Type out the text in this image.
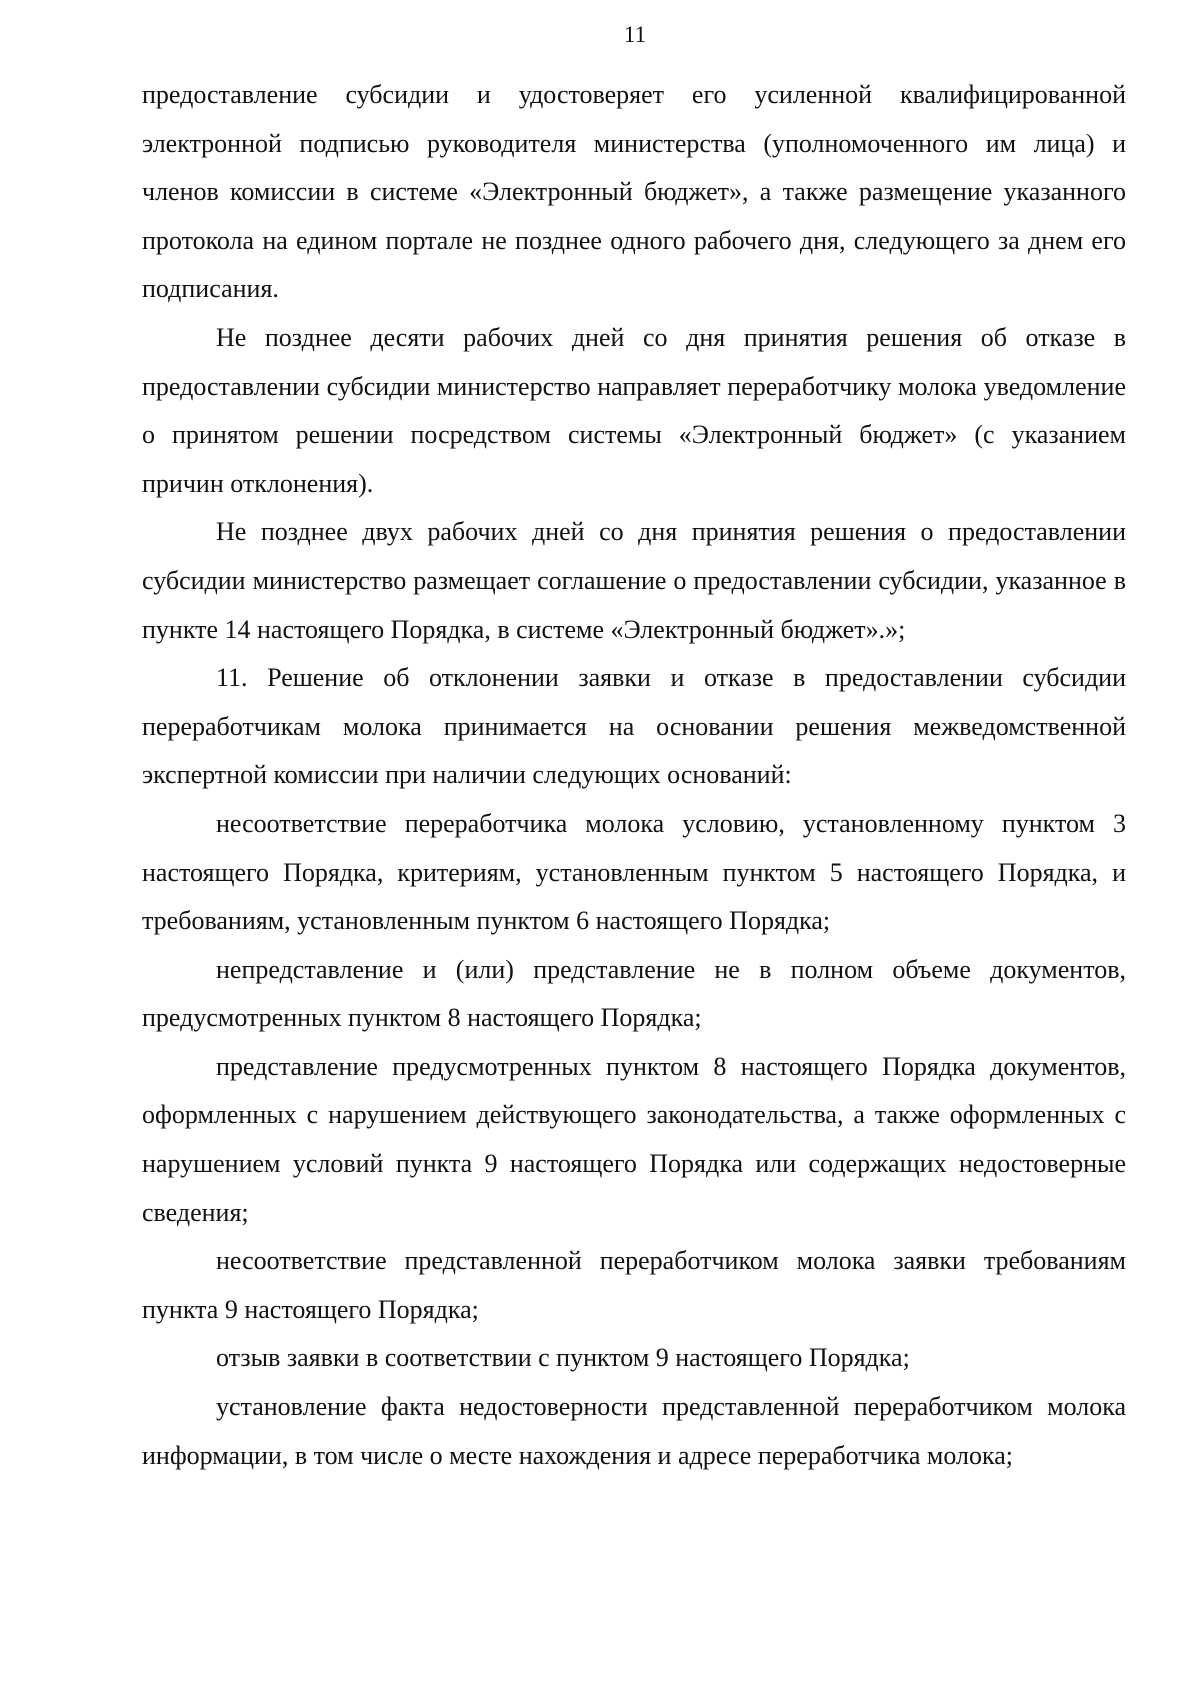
11

предоставление субсидии и удостоверяет его усиленной квалифицированной электронной подписью руководителя министерства (уполномоченного им лица) и членов комиссии в системе «Электронный бюджет», а также размещение указанного протокола на едином портале не позднее одного рабочего дня, следующего за днем его подписания.

Не позднее десяти рабочих дней со дня принятия решения об отказе в предоставлении субсидии министерство направляет переработчику молока уведомление о принятом решении посредством системы «Электронный бюджет» (с указанием причин отклонения).

Не позднее двух рабочих дней со дня принятия решения о предоставлении субсидии министерство размещает соглашение о предоставлении субсидии, указанное в пункте 14 настоящего Порядка, в системе «Электронный бюджет».»;

11. Решение об отклонении заявки и отказе в предоставлении субсидии переработчикам молока принимается на основании решения межведомственной экспертной комиссии при наличии следующих оснований:

несоответствие переработчика молока условию, установленному пунктом 3 настоящего Порядка, критериям, установленным пунктом 5 настоящего Порядка, и требованиям, установленным пунктом 6 настоящего Порядка;

непредставление и (или) представление не в полном объеме документов, предусмотренных пунктом 8 настоящего Порядка;

представление предусмотренных пунктом 8 настоящего Порядка документов, оформленных с нарушением действующего законодательства, а также оформленных с нарушением условий пункта 9 настоящего Порядка или содержащих недостоверные сведения;

несоответствие представленной переработчиком молока заявки требованиям пункта 9 настоящего Порядка;

отзыв заявки в соответствии с пунктом 9 настоящего Порядка;

установление факта недостоверности представленной переработчиком молока информации, в том числе о месте нахождения и адресе переработчика молока;
